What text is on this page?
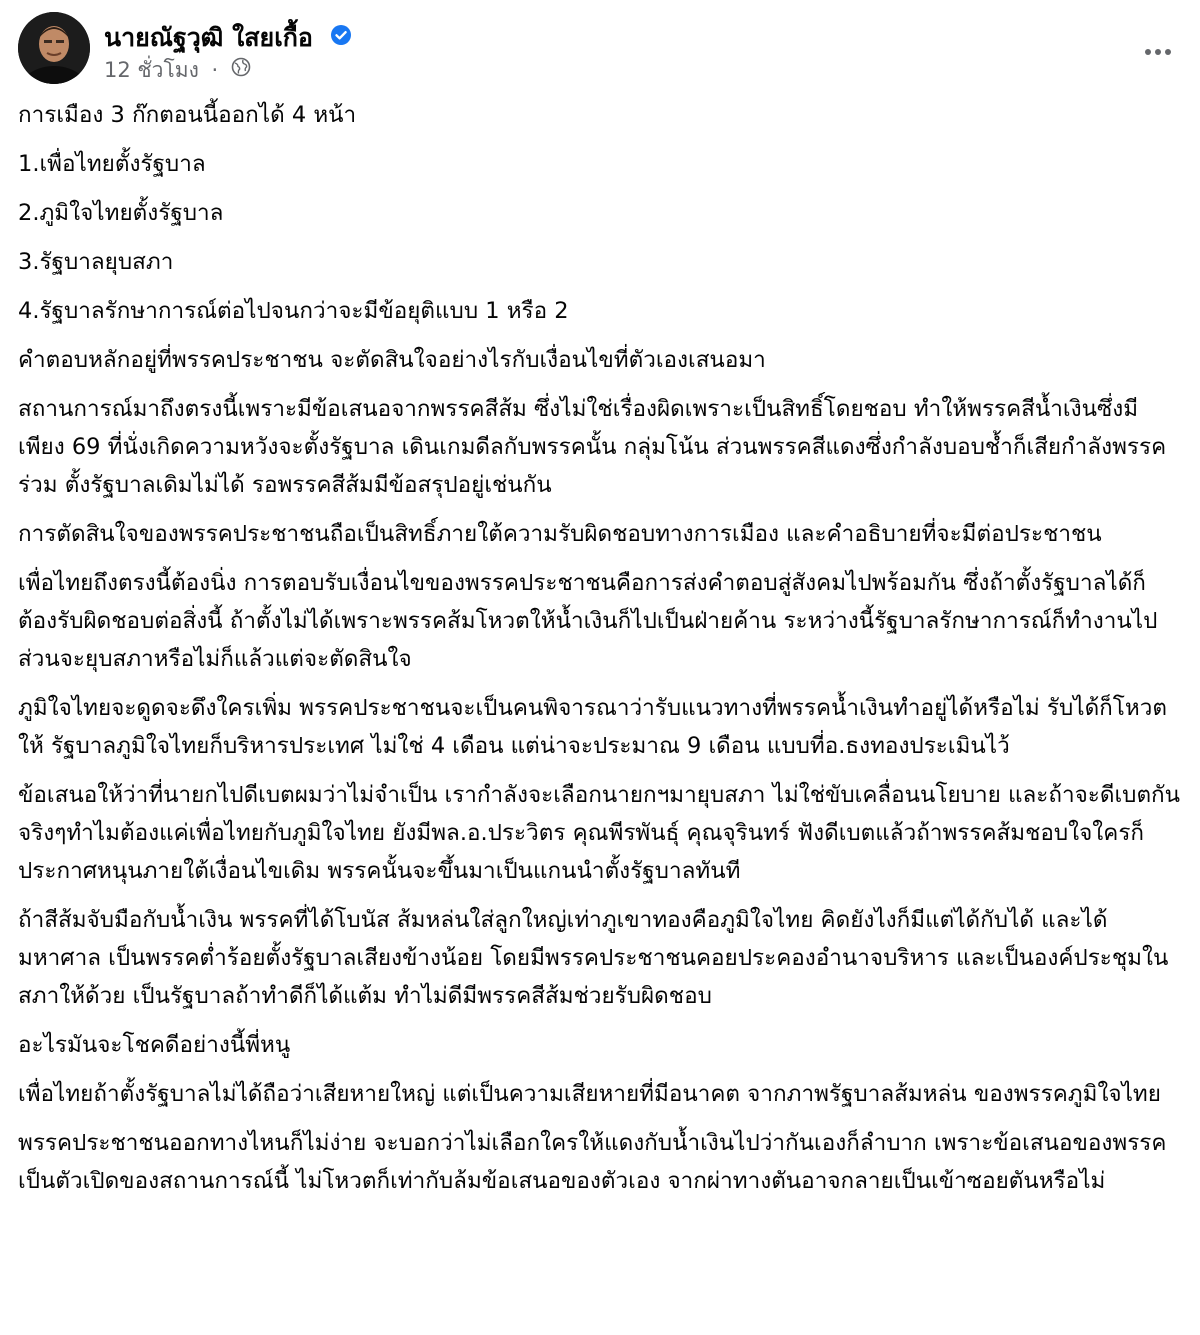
นายณัฐวุฒิ ใสยเกื้อ
12 ชั่วโมง ·

การเมือง 3 ก๊กตอนนี้ออกได้ 4 หน้า

1.เพื่อไทยตั้งรัฐบาล

2.ภูมิใจไทยตั้งรัฐบาล

3.รัฐบาลยุบสภา

4.รัฐบาลรักษาการณ์ต่อไปจนกว่าจะมีข้อยุติแบบ 1 หรือ 2

คำตอบหลักอยู่ที่พรรคประชาชน จะตัดสินใจอย่างไรกับเงื่อนไขที่ตัวเองเสนอมา

สถานการณ์มาถึงตรงนี้เพราะมีข้อเสนอจากพรรคสีส้ม ซึ่งไม่ใช่เรื่องผิดเพราะเป็นสิทธิ์โดยชอบ ทำให้พรรคสีน้ำเงินซึ่งมีเพียง 69 ที่นั่งเกิดความหวังจะตั้งรัฐบาล เดินเกมดีลกับพรรคนั้น กลุ่มโน้น ส่วนพรรคสีแดงซึ่งกำลังบอบช้ำก็เสียกำลังพรรคร่วม ตั้งรัฐบาลเดิมไม่ได้ รอพรรคสีส้มมีข้อสรุปอยู่เช่นกัน

การตัดสินใจของพรรคประชาชนถือเป็นสิทธิ์ภายใต้ความรับผิดชอบทางการเมือง และคำอธิบายที่จะมีต่อประชาชน

เพื่อไทยถึงตรงนี้ต้องนิ่ง การตอบรับเงื่อนไขของพรรคประชาชนคือการส่งคำตอบสู่สังคมไปพร้อมกัน ซึ่งถ้าตั้งรัฐบาลได้ก็ต้องรับผิดชอบต่อสิ่งนี้ ถ้าตั้งไม่ได้เพราะพรรคส้มโหวตให้น้ำเงินก็ไปเป็นฝ่ายค้าน ระหว่างนี้รัฐบาลรักษาการณ์ก็ทำงานไป ส่วนจะยุบสภาหรือไม่ก็แล้วแต่จะตัดสินใจ

ภูมิใจไทยจะดูดจะดึงใครเพิ่ม พรรคประชาชนจะเป็นคนพิจารณาว่ารับแนวทางที่พรรคน้ำเงินทำอยู่ได้หรือไม่ รับได้ก็โหวตให้ รัฐบาลภูมิใจไทยก็บริหารประเทศ ไม่ใช่ 4 เดือน แต่น่าจะประมาณ 9 เดือน แบบที่อ.ธงทองประเมินไว้

ข้อเสนอให้ว่าที่นายกไปดีเบตผมว่าไม่จำเป็น เรากำลังจะเลือกนายกฯมายุบสภา ไม่ใช่ขับเคลื่อนนโยบาย และถ้าจะดีเบตกันจริงๆทำไมต้องแค่เพื่อไทยกับภูมิใจไทย ยังมีพล.อ.ประวิตร คุณพีรพันธุ์ คุณจุรินทร์ ฟังดีเบตแล้วถ้าพรรคส้มชอบใจใครก็ประกาศหนุนภายใต้เงื่อนไขเดิม พรรคนั้นจะขึ้นมาเป็นแกนนำตั้งรัฐบาลทันที

ถ้าสีส้มจับมือกับน้ำเงิน พรรคที่ได้โบนัส ส้มหล่นใส่ลูกใหญ่เท่าภูเขาทองคือภูมิใจไทย คิดยังไงก็มีแต่ได้กับได้ และได้มหาศาล เป็นพรรคต่ำร้อยตั้งรัฐบาลเสียงข้างน้อย โดยมีพรรคประชาชนคอยประคองอำนาจบริหาร และเป็นองค์ประชุมในสภาให้ด้วย เป็นรัฐบาลถ้าทำดีก็ได้แต้ม ทำไม่ดีมีพรรคสีส้มช่วยรับผิดชอบ

อะไรมันจะโชคดีอย่างนี้พี่หนู

เพื่อไทยถ้าตั้งรัฐบาลไม่ได้ถือว่าเสียหายใหญ่ แต่เป็นความเสียหายที่มีอนาคต จากภาพรัฐบาลส้มหล่น ของพรรคภูมิใจไทย

พรรคประชาชนออกทางไหนก็ไม่ง่าย จะบอกว่าไม่เลือกใครให้แดงกับน้ำเงินไปว่ากันเองก็ลำบาก เพราะข้อเสนอของพรรคเป็นตัวเปิดของสถานการณ์นี้ ไม่โหวตก็เท่ากับล้มข้อเสนอของตัวเอง จากผ่าทางตันอาจกลายเป็นเข้าซอยตันหรือไม่
